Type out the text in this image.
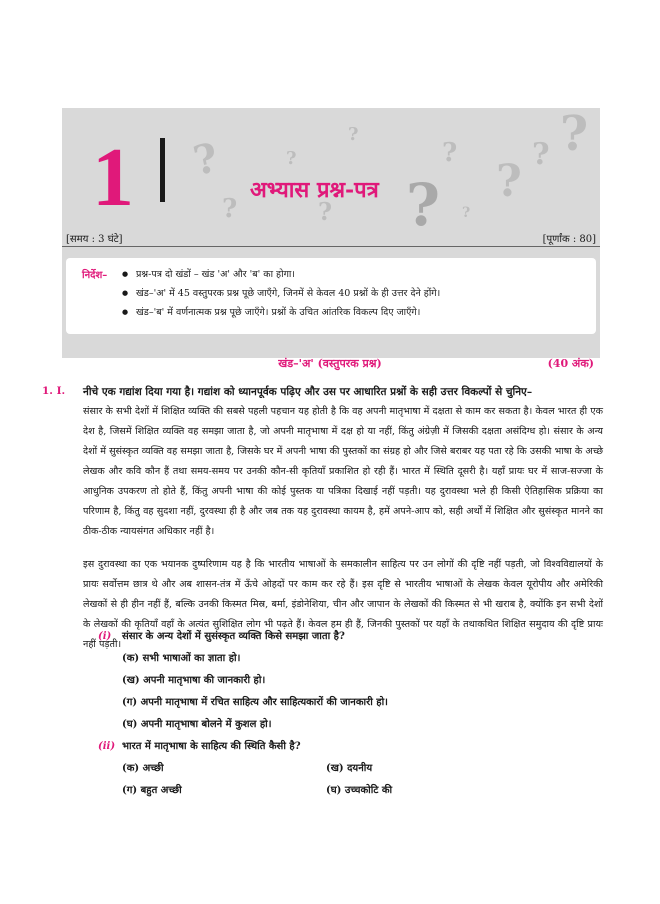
?
?
?
?
?
?
?
?
? ?
?
1	अभ्यास प्रश्न-पत्र
[समय : 3 घंटे]	[पूर्णांक : 80]
निर्देश–
●	प्रश्न-पत्र दो खंडों – खंड 'अ' और 'ब' का होगा।
● खंड–'अ' में 45 वस्तुपरक प्रश्न पूछे जाएँगे, जिनमें से केवल 40 प्रश्नों के ही उत्तर देने होंगे।
● खंड–'ब' में वर्णनात्मक प्रश्न पूछे जाएँगे। प्रश्नों के उचित आंतरिक विकल्प दिए जाएँगे।
खंड–'अ' (वस्तुपरक प्रश्न)	(40 अंक)
1. I. नीचे एक गद्यांश दिया गया है। गद्यांश को ध्यानपूर्वक पढ़िए और उस पर आधारित प्रश्नों के सही उत्तर विकल्पों से चुनिए–

संसार के सभी देशों में शिक्षित व्यक्ति की सबसे पहली पहचान यह होती है कि वह अपनी मातृभाषा में दक्षता से काम कर सकता है। केवल भारत ही एक देश है, जिसमें शिक्षित व्यक्ति वह समझा जाता है, जो अपनी मातृभाषा में दक्ष हो या नहीं, किंतु अंग्रेज़ी में जिसकी दक्षता असंदिग्ध हो। संसार के अन्य देशों में सुसंस्कृत व्यक्ति वह समझा जाता है, जिसके घर में अपनी भाषा की पुस्तकों का संग्रह हो और जिसे बराबर यह पता रहे कि उसकी भाषा के अच्छे लेखक और कवि कौन हैं तथा समय-समय पर उनकी कौन-सी कृतियाँ प्रकाशित हो रही हैं। भारत में स्थिति दूसरी है। यहाँ प्रायः घर में साज-सज्जा के आधुनिक उपकरण तो होते हैं, किंतु अपनी भाषा की कोई पुस्तक या पत्रिका दिखाई नहीं पड़ती। यह दुरावस्था भले ही किसी ऐतिहासिक प्रक्रिया का परिणाम है, किंतु वह सुदशा नहीं, दुरवस्था ही है और जब तक यह दुरावस्था कायम है, हमें अपने-आप को, सही अर्थों में शिक्षित और सुसंस्कृत मानने का ठीक-ठीक न्यायसंगत अधिकार नहीं है।

इस दुरावस्था का एक भयानक दुष्परिणाम यह है कि भारतीय भाषाओं के समकालीन साहित्य पर उन लोगों की दृष्टि नहीं पड़ती, जो विश्वविद्यालयों के प्रायः सर्वोत्तम छात्र थे और अब शासन-तंत्र में ऊँचे ओहदों पर काम कर रहे हैं। इस दृष्टि से भारतीय भाषाओं के लेखक केवल यूरोपीय और अमेरिकी लेखकों से ही हीन नहीं हैं, बल्कि उनकी किस्मत मिस्र, बर्मा, इंडोनेशिया, चीन और जापान के लेखकों की किस्मत से भी खराब है, क्योंकि इन सभी देशों के लेखकों की कृतियाँ वहाँ के अत्यंत सुशिक्षित लोग भी पढ़ते हैं। केवल हम ही हैं, जिनकी पुस्तकों पर यहाँ के तथाकथित शिक्षित समुदाय की दृष्टि प्रायः नहीं पड़ती।

(i) संसार के अन्य देशों में सुसंस्कृत व्यक्ति किसे समझा जाता है?
(क) सभी भाषाओं का ज्ञाता हो।
(ख) अपनी मातृभाषा की जानकारी हो।
(ग) अपनी मातृभाषा में रचित साहित्य और साहित्यकारों की जानकारी हो।
(घ) अपनी मातृभाषा बोलने में कुशल हो।
(ii) भारत में मातृभाषा के साहित्य की स्थिति कैसी है?
(क) अच्छी	(ख) दयनीय
(ग) बहुत अच्छी	(घ) उच्चकोटि की
